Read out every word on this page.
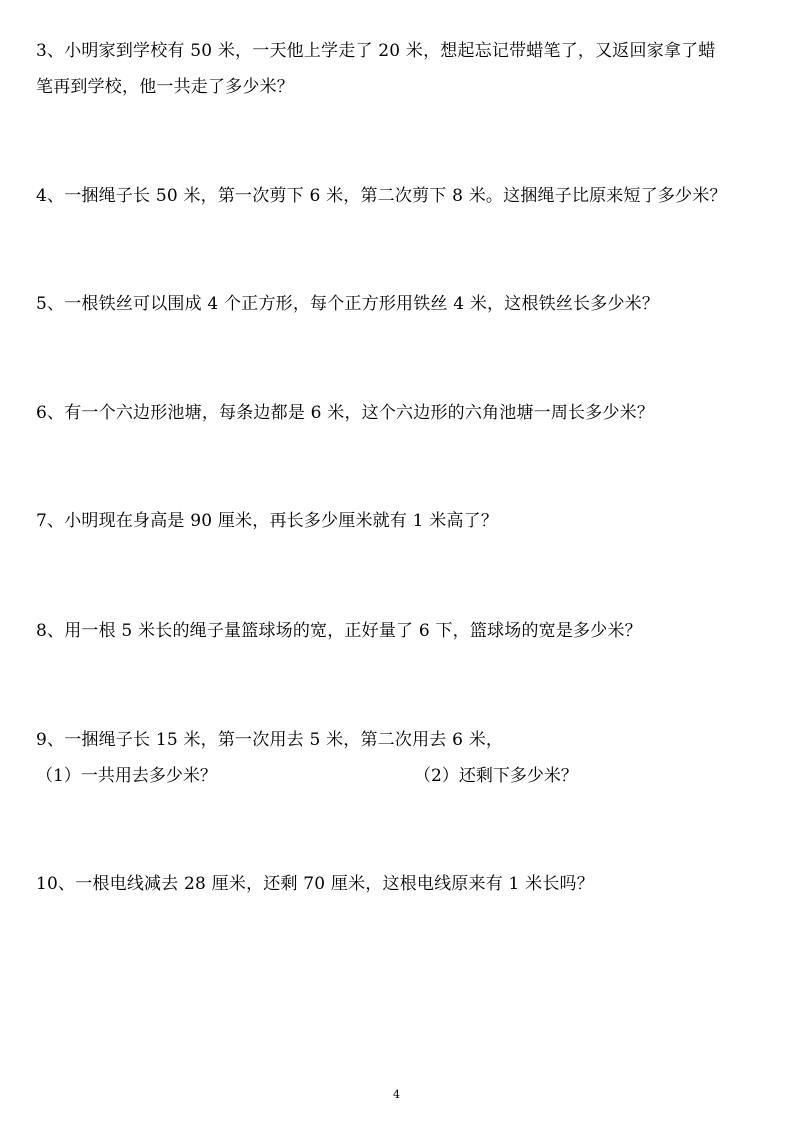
3、小明家到学校有 50 米，一天他上学走了 20 米，想起忘记带蜡笔了，又返回家拿了蜡
笔再到学校，他一共走了多少米？
4、一捆绳子长 50 米，第一次剪下 6 米，第二次剪下 8 米。这捆绳子比原来短了多少米？
5、一根铁丝可以围成 4 个正方形，每个正方形用铁丝 4 米，这根铁丝长多少米？
6、有一个六边形池塘，每条边都是 6 米，这个六边形的六角池塘一周长多少米？
7、小明现在身高是 90 厘米，再长多少厘米就有 1 米高了？
8、用一根 5 米长的绳子量篮球场的宽，正好量了 6 下，篮球场的宽是多少米？
9、一捆绳子长 15 米，第一次用去 5 米，第二次用去 6 米，
（1）一共用去多少米？	（2）还剩下多少米？
10、一根电线减去 28 厘米，还剩 70 厘米，这根电线原来有 1 米长吗？
4
